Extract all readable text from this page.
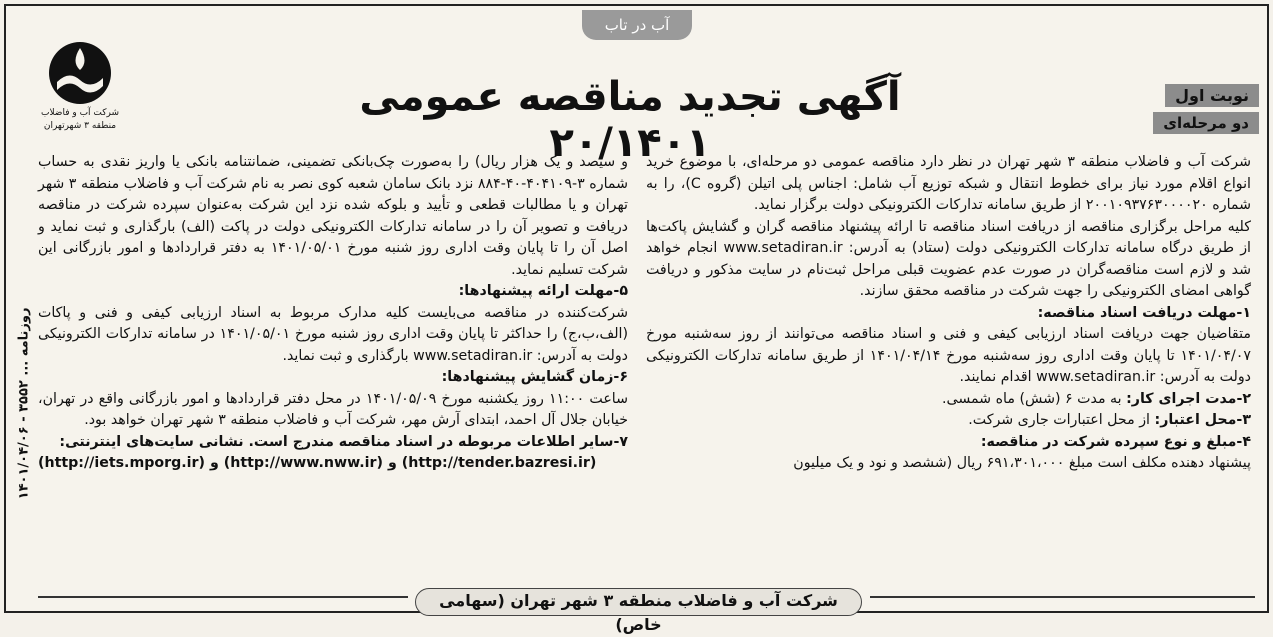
آب‌ در تاب
شرکت آب و فاضلاب
منطقه ۳ شهرتهران
آگهی تجدید مناقصه عمومی ۲۰/۱۴۰۱
نوبت اول
دو مرحله‌ای

شرکت آب و فاضلاب منطقه ۳ شهر تهران در نظر دارد مناقصه عمومی دو مرحله‌ای، با موضوع خرید انواع اقلام مورد نیاز برای خطوط انتقال و شبکه توزیع آب شامل: اجناس پلی اتیلن (گروه C)، را به شماره ۲۰۰۱۰۹۳۷۶۳۰۰۰۰۲۰ از طریق سامانه تدارکات الکترونیکی دولت برگزار نماید.

کلیه مراحل برگزاری مناقصه از دریافت اسناد مناقصه تا ارائه پیشنهاد مناقصه گران و گشایش پاکت‌ها از طریق درگاه سامانه تدارکات الکترونیکی دولت (ستاد) به آدرس: www.setadiran.ir انجام خواهد شد و لازم است مناقصه‌گران در صورت عدم عضویت قبلی مراحل ثبت‌نام در سایت مذکور و دریافت گواهی امضای الکترونیکی را جهت شرکت در مناقصه محقق سازند.

۱-مهلت دریافت اسناد مناقصه:

متقاضیان جهت دریافت اسناد ارزیابی کیفی و فنی و اسناد مناقصه می‌توانند از روز سه‌شنبه مورخ ۱۴۰۱/۰۴/۰۷ تا پایان وقت اداری روز سه‌شنبه مورخ ۱۴۰۱/۰۴/۱۴ از طریق سامانه تدارکات الکترونیکی دولت به آدرس: www.setadiran.ir اقدام نمایند.

۲-مدت اجرای کار: به مدت ۶ (شش) ماه شمسی.

۳-محل اعتبار: از محل اعتبارات جاری شرکت.

۴-مبلغ و نوع سپرده شرکت در مناقصه:

پیشنهاد دهنده مکلف است مبلغ ۶۹۱،۳۰۱،۰۰۰ ریال (ششصد و نود و یک میلیون

و سیصد و یک هزار ریال) را به‌صورت چک‌بانکی تضمینی، ضمانتنامه بانکی یا واریز نقدی به حساب شماره ۳-۴۰۴۱۰۹-۴۰-۸۸۴ نزد بانک سامان شعبه کوی نصر به نام شرکت آب و فاضلاب منطقه ۳ شهر تهران و یا مطالبات قطعی و تأیید و بلوکه شده نزد این شرکت به‌عنوان سپرده شرکت در مناقصه دریافت و تصویر آن را در سامانه تدارکات الکترونیکی دولت در پاکت (الف) بارگذاری و ثبت نماید و اصل آن را تا پایان وقت اداری روز شنبه مورخ ۱۴۰۱/۰۵/۰۱ به دفتر قراردادها و امور بازرگانی این شرکت تسلیم نماید.

۵-مهلت ارائه پیشنهادها:

شرکت‌کننده در مناقصه می‌بایست کلیه مدارک مربوط به اسناد ارزیابی کیفی و فنی و پاکات (الف،ب،ج) را حداکثر تا پایان وقت اداری روز شنبه مورخ ۱۴۰۱/۰۵/۰۱ در سامانه تدارکات الکترونیکی دولت به آدرس: www.setadiran.ir بارگذاری و ثبت نماید.

۶-زمان گشایش پیشنهادها:

ساعت ۱۱:۰۰ روز یکشنبه مورخ ۱۴۰۱/۰۵/۰۹ در محل دفتر قراردادها و امور بازرگانی واقع در تهران، خیابان جلال آل احمد، ابتدای آرش مهر، شرکت آب و فاضلاب منطقه ۳ شهر تهران خواهد بود.

۷-سایر اطلاعات مربوطه در اسناد مناقصه مندرج است. نشانی سایت‌های اینترنتی:

(http://iets.mporg.ir) و (http://www.nww.ir) و (http://tender.bazresi.ir)

روزنامه ... ۳۵۵۲ - ۱۴۰۱/۰۴/۰۶
شرکت آب و فاضلاب منطقه ۳ شهر تهران (سهامی خاص)
